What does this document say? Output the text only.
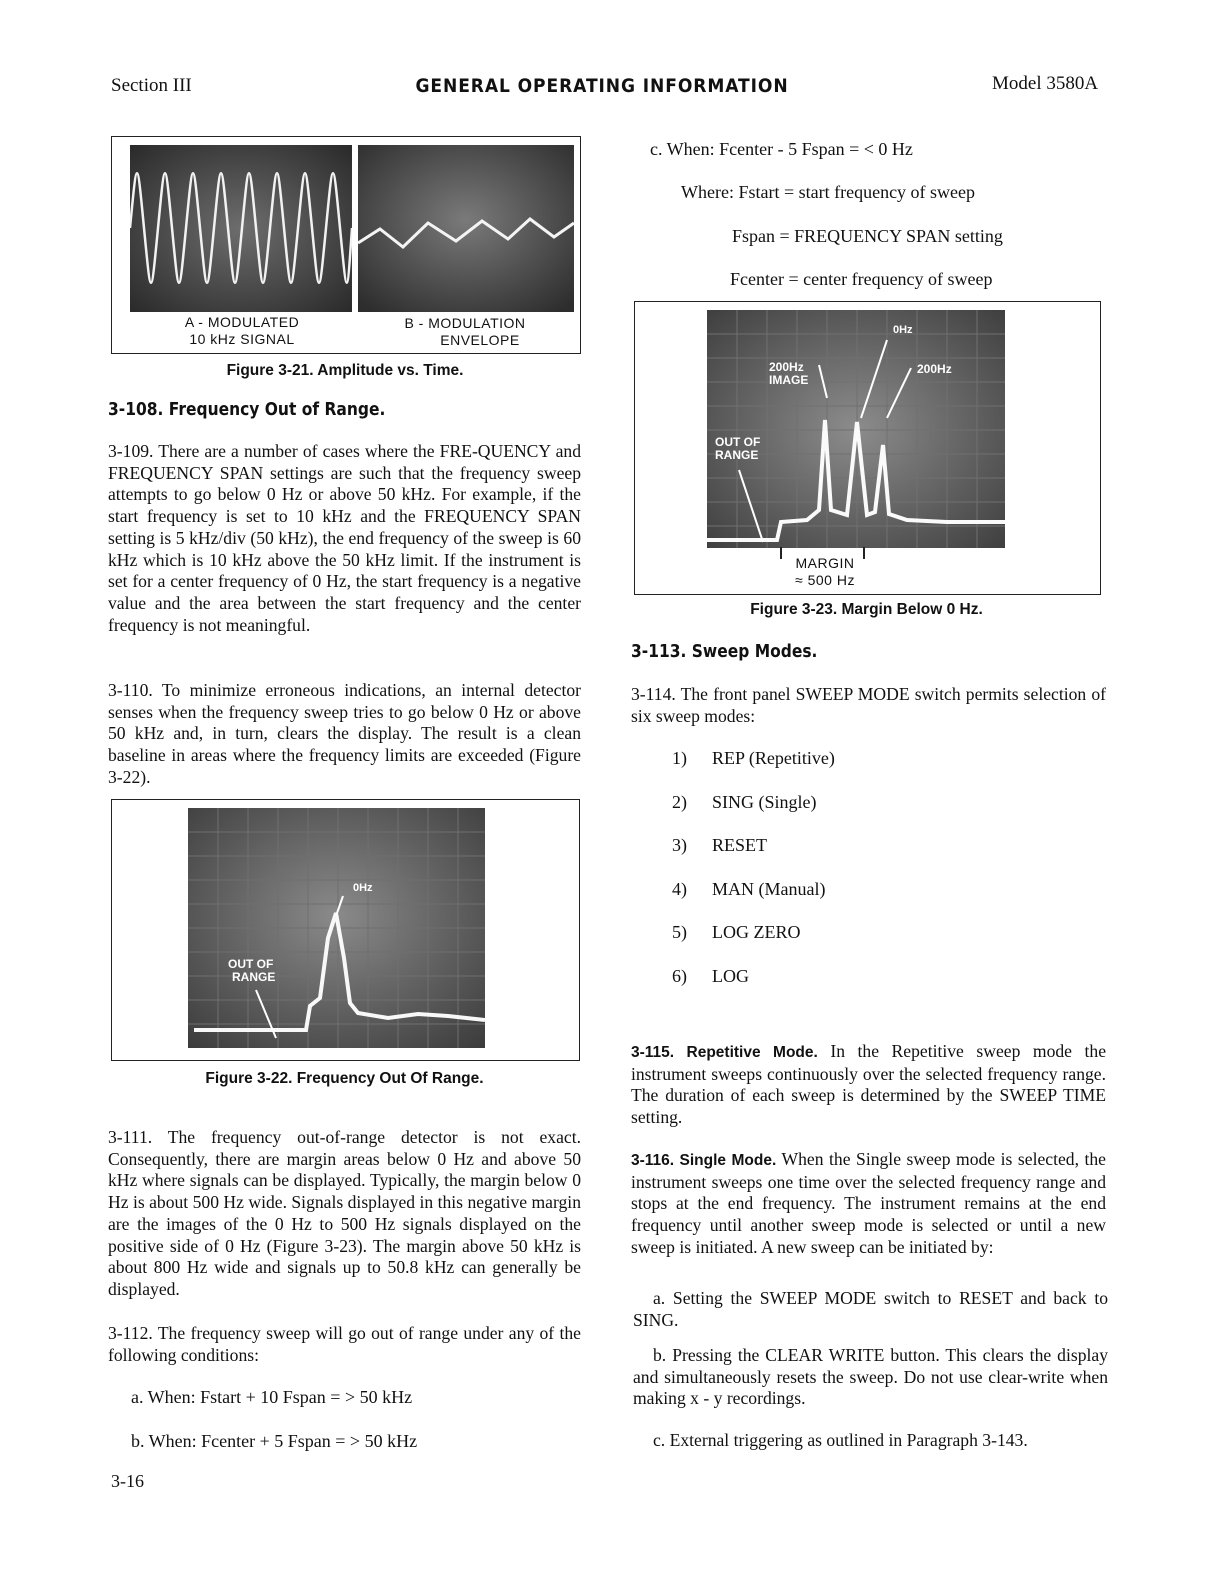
Section III	GENERAL OPERATING INFORMATION	Model 3580A
A - MODULATED
10 kHz SIGNAL
B - MODULATION
ENVELOPE
Figure 3-21. Amplitude vs. Time.
3-108. Frequency Out of Range.
3-109. There are a number of cases where the FRE-QUENCY and FREQUENCY SPAN settings are such that the frequency sweep attempts to go below 0 Hz or above 50 kHz. For example, if the start frequency is set to 10 kHz and the FREQUENCY SPAN setting is 5 kHz/div (50 kHz), the end frequency of the sweep is 60 kHz which is 10 kHz above the 50 kHz limit. If the instrument is set for a center frequency of 0 Hz, the start frequency is a negative value and the area between the start frequency and the center frequency is not meaningful.
3-110. To minimize erroneous indications, an internal detector senses when the frequency sweep tries to go below 0 Hz or above 50 kHz and, in turn, clears the display. The result is a clean baseline in areas where the frequency limits are exceeded (Figure 3-22).
0Hz
OUT OF
RANGE
Figure 3-22. Frequency Out Of Range.
3-111. The frequency out-of-range detector is not exact. Consequently, there are margin areas below 0 Hz and above 50 kHz where signals can be displayed. Typically, the margin below 0 Hz is about 500 Hz wide. Signals displayed in this negative margin are the images of the 0 Hz to 500 Hz signals displayed on the positive side of 0 Hz (Figure 3-23). The margin above 50 kHz is about 800 Hz wide and signals up to 50.8 kHz can generally be displayed.
3-112. The frequency sweep will go out of range under any of the following conditions:
a. When: Fstart + 10 Fspan = > 50 kHz
b. When: Fcenter + 5 Fspan = > 50 kHz
3-16
c. When: Fcenter - 5 Fspan = < 0 Hz
Where: Fstart = start frequency of sweep
Fspan = FREQUENCY SPAN setting
Fcenter = center frequency of sweep
0Hz
200Hz
IMAGE
200Hz
OUT OF
RANGE
MARGIN
≈ 500 Hz
Figure 3-23. Margin Below 0 Hz.
3-113. Sweep Modes.
3-114. The front panel SWEEP MODE switch permits selection of six sweep modes:
1) REP (Repetitive)
2) SING (Single)
3) RESET
4) MAN (Manual)
5) LOG ZERO
6) LOG
3-115. Repetitive Mode. In the Repetitive sweep mode the instrument sweeps continuously over the selected frequency range. The duration of each sweep is determined by the SWEEP TIME setting.
3-116. Single Mode. When the Single sweep mode is selected, the instrument sweeps one time over the selected frequency range and stops at the end frequency. The instrument remains at the end frequency until another sweep mode is selected or until a new sweep is initiated. A new sweep can be initiated by:
a. Setting the SWEEP MODE switch to RESET and back to SING.
b. Pressing the CLEAR WRITE button. This clears the display and simultaneously resets the sweep. Do not use clear-write when making x - y recordings.
c. External triggering as outlined in Paragraph 3-143.
